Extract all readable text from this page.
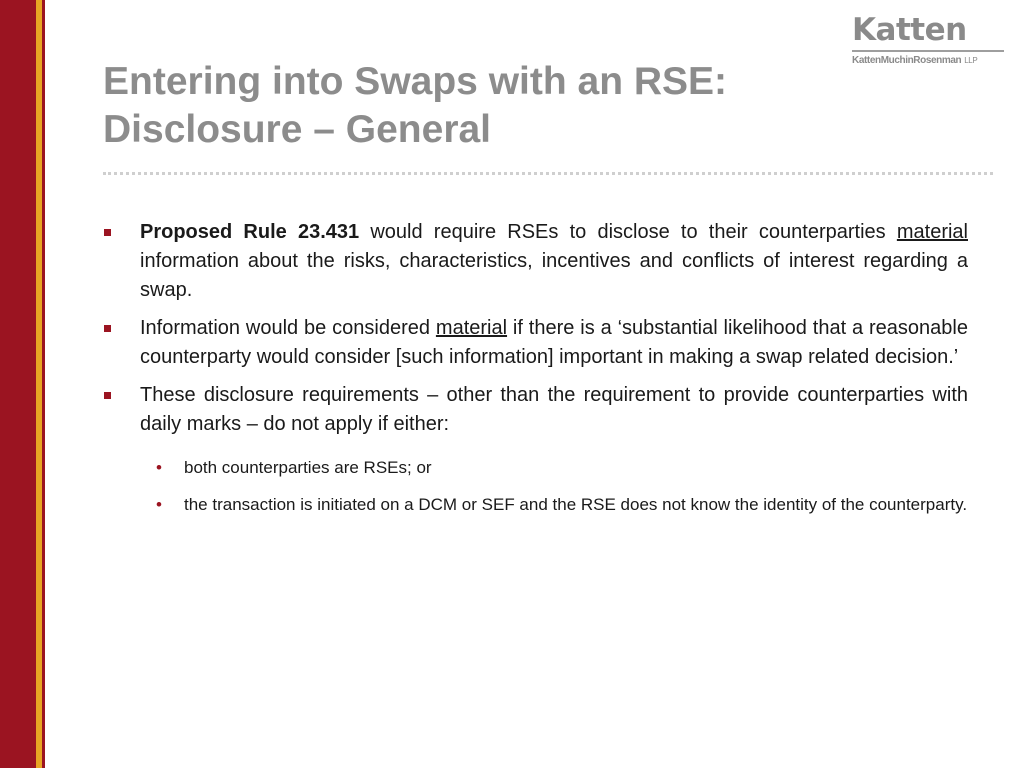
Katten
KattenMuchinRosenman LLP
Entering into Swaps with an RSE:
Disclosure – General
Proposed Rule 23.431 would require RSEs to disclose to their counterparties material information about the risks, characteristics, incentives and conflicts of interest regarding a swap.
Information would be considered material if there is a ‘substantial likelihood that a reasonable counterparty would consider [such information] important in making a swap related decision.’
These disclosure requirements – other than the requirement to provide counterparties with daily marks – do not apply if either:
• both counterparties are RSEs; or
• the transaction is initiated on a DCM or SEF and the RSE does not know the identity of the counterparty.
